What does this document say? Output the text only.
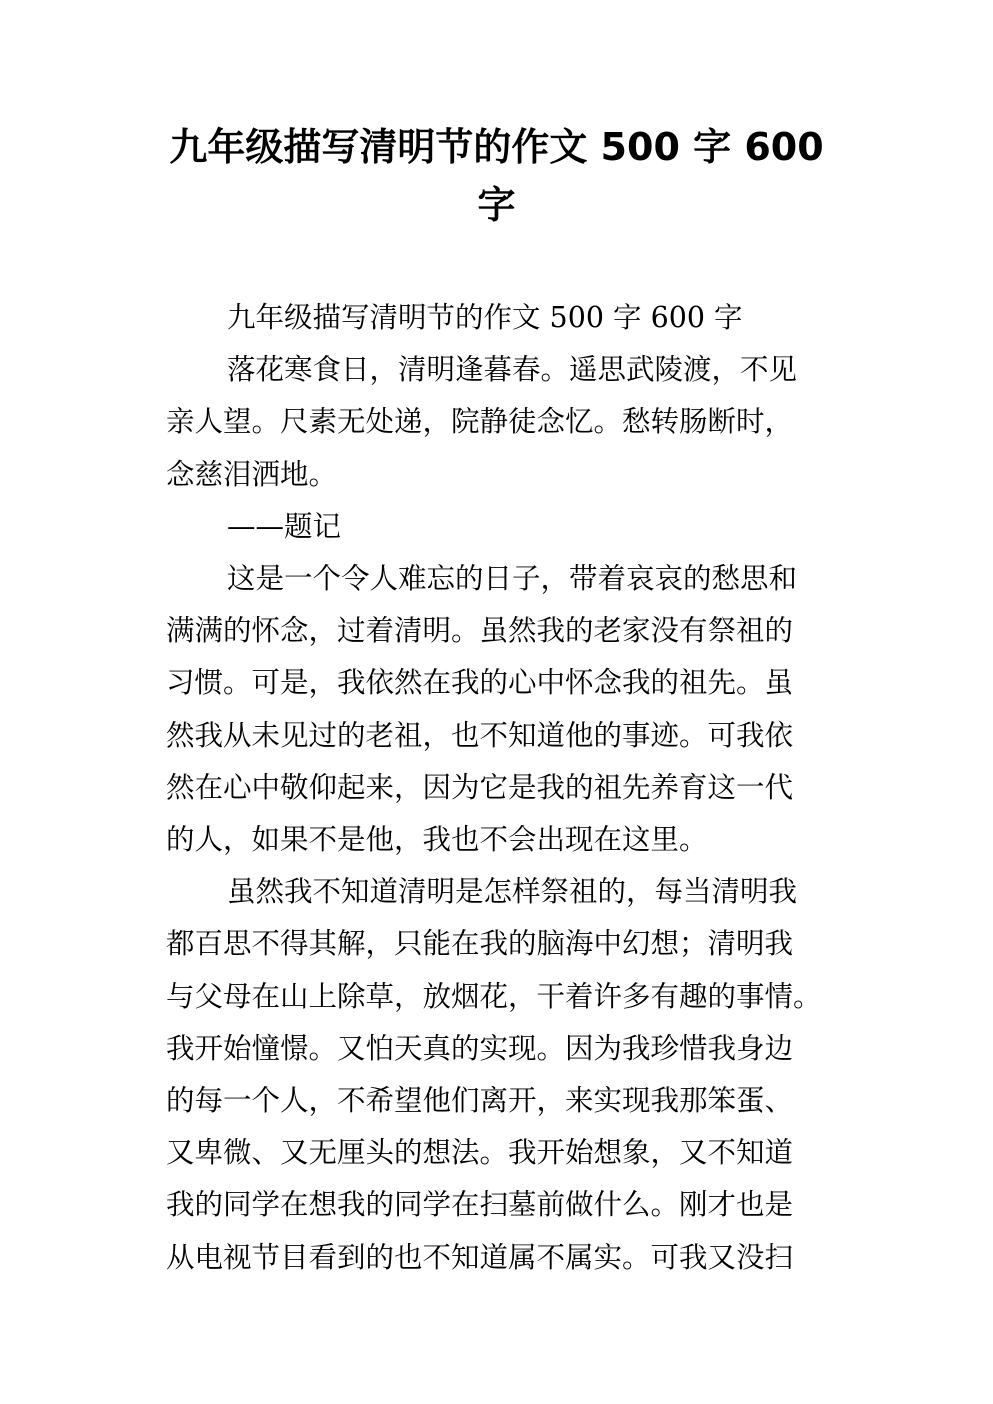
九年级描写清明节的作文 500 字 600
字
九年级描写清明节的作文 500 字 600 字
落花寒食日，清明逢暮春。遥思武陵渡，不见
亲人望。尺素无处递，院静徒念忆。愁转肠断时，
念慈泪洒地。
——题记
这是一个令人难忘的日子，带着哀哀的愁思和
满满的怀念，过着清明。虽然我的老家没有祭祖的
习惯。可是，我依然在我的心中怀念我的祖先。虽
然我从未见过的老祖，也不知道他的事迹。可我依
然在心中敬仰起来，因为它是我的祖先养育这一代
的人，如果不是他，我也不会出现在这里。
虽然我不知道清明是怎样祭祖的，每当清明我
都百思不得其解，只能在我的脑海中幻想；清明我
与父母在山上除草，放烟花，干着许多有趣的事情。
我开始憧憬。又怕天真的实现。因为我珍惜我身边
的每一个人，不希望他们离开，来实现我那笨蛋、
又卑微、又无厘头的想法。我开始想象，又不知道
我的同学在想我的同学在扫墓前做什么。刚才也是
从电视节目看到的也不知道属不属实。可我又没扫
